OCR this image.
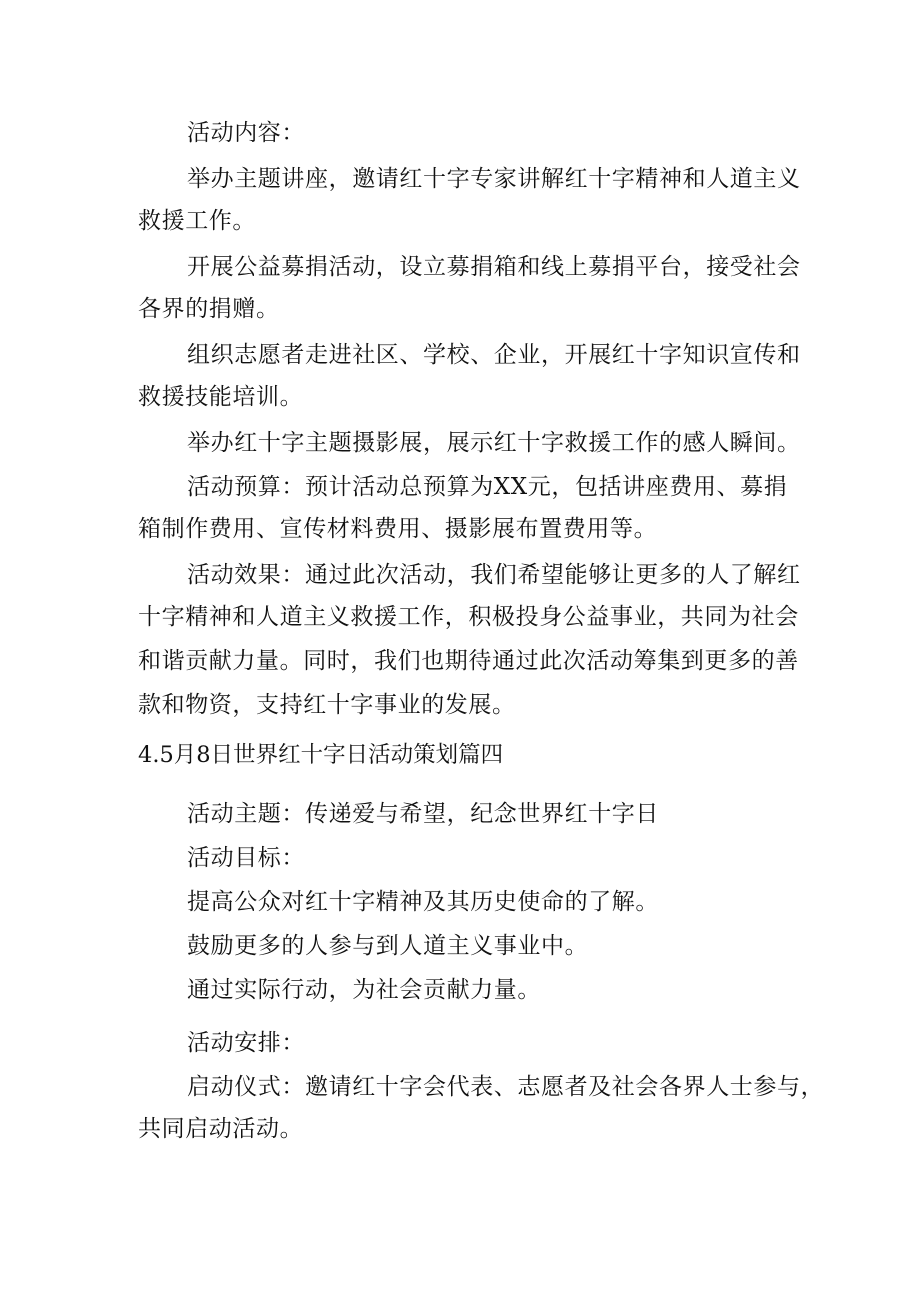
活动内容：
举办主题讲座，邀请红十字专家讲解红十字精神和人道主义
救援工作。
开展公益募捐活动，设立募捐箱和线上募捐平台，接受社会
各界的捐赠。
组织志愿者走进社区、学校、企业，开展红十字知识宣传和
救援技能培训。
举办红十字主题摄影展，展示红十字救援工作的感人瞬间。
活动预算：预计活动总预算为XX元，包括讲座费用、募捐
箱制作费用、宣传材料费用、摄影展布置费用等。
活动效果：通过此次活动，我们希望能够让更多的人了解红
十字精神和人道主义救援工作，积极投身公益事业，共同为社会
和谐贡献力量。同时，我们也期待通过此次活动筹集到更多的善
款和物资，支持红十字事业的发展。
4.5月8日世界红十字日活动策划篇四
活动主题：传递爱与希望，纪念世界红十字日
活动目标：
提高公众对红十字精神及其历史使命的了解。
鼓励更多的人参与到人道主义事业中。
通过实际行动，为社会贡献力量。
活动安排：
启动仪式：邀请红十字会代表、志愿者及社会各界人士参与，
共同启动活动。
